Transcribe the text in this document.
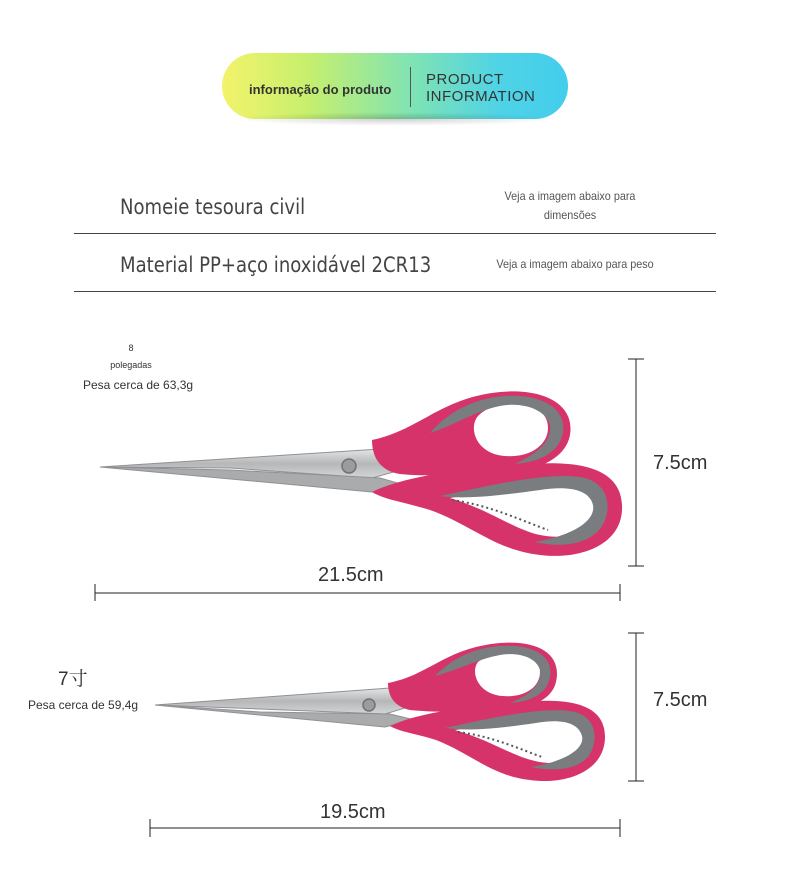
informação do produto
PRODUCT
INFORMATION
Nomeie tesoura civil	Veja a imagem abaixo para
dimensões
Material PP+aço inoxidável 2CR13	Veja a imagem abaixo para peso
8
polegadas
Pesa cerca de 63,3g
7寸
Pesa cerca de 59,4g
7.5cm
21.5cm
7.5cm
19.5cm
